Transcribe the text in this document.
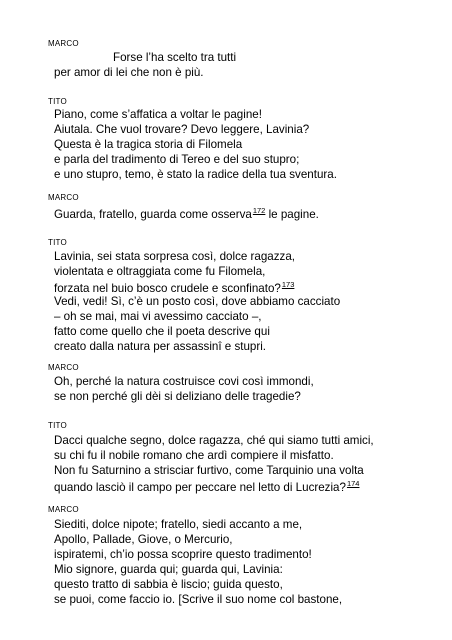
MARCO
Forse l’ha scelto tra tutti
per amor di lei che non è più.
TITO
Piano, come s’affatica a voltar le pagine!
Aiutala. Che vuol trovare? Devo leggere, Lavinia?
Questa è la tragica storia di Filomela
e parla del tradimento di Tereo e del suo stupro;
e uno stupro, temo, è stato la radice della tua sventura.
MARCO
Guarda, fratello, guarda come osserva$^{172}$ le pagine.
TITO
Lavinia, sei stata sorpresa così, dolce ragazza,
violentata e oltraggiata come fu Filomela,
forzata nel buio bosco crudele e sconfinato?$^{173}$
Vedi, vedi! Sì, c’è un posto così, dove abbiamo cacciato
– oh se mai, mai vi avessimo cacciato –,
fatto come quello che il poeta descrive qui
creato dalla natura per assassinî e stupri.
MARCO
Oh, perché la natura costruisce covi così immondi,
se non perché gli dèi si deliziano delle tragedie?
TITO
Dacci qualche segno, dolce ragazza, ché qui siamo tutti amici,
su chi fu il nobile romano che ardì compiere il misfatto.
Non fu Saturnino a strisciar furtivo, come Tarquinio una volta
quando lasciò il campo per peccare nel letto di Lucrezia?$^{174}$
MARCO
Siediti, dolce nipote; fratello, siedi accanto a me,
Apollo, Pallade, Giove, o Mercurio,
ispiratemi, ch’io possa scoprire questo tradimento!
Mio signore, guarda qui; guarda qui, Lavinia:
questo tratto di sabbia è liscio; guida questo,
se puoi, come faccio io. [Scrive il suo nome col bastone,
